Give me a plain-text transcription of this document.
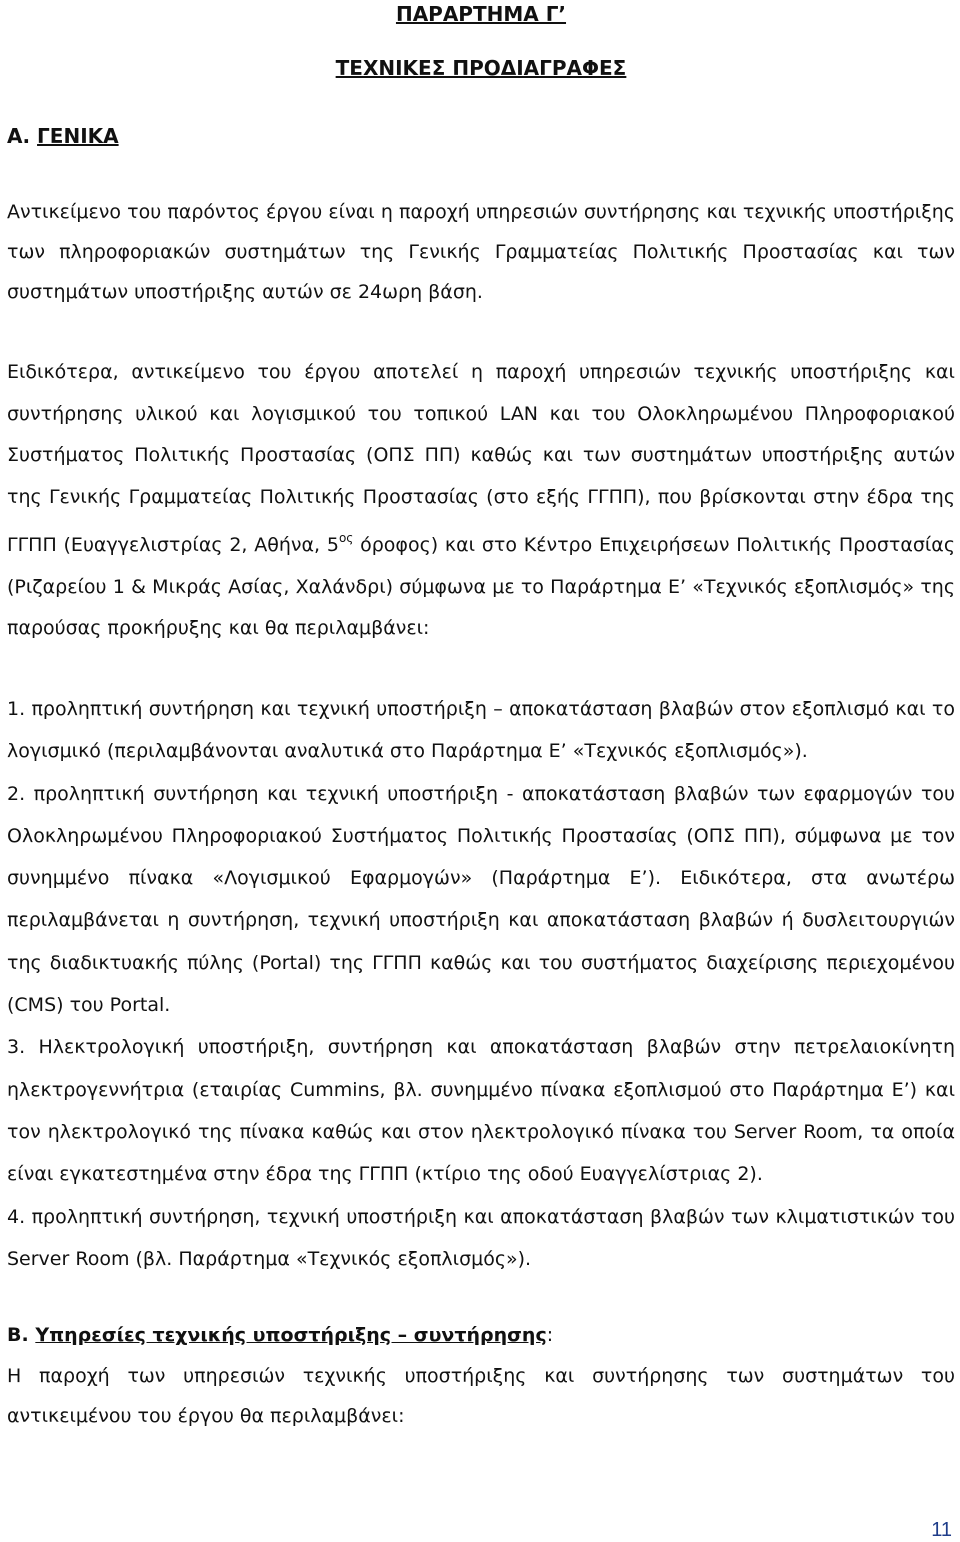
ΠΑΡΑΡΤΗΜΑ Γ’
ΤΕΧΝΙΚΕΣ ΠΡΟΔΙΑΓΡΑΦΕΣ
Α. ΓΕΝΙΚΑ
Αντικείμενο του παρόντος έργου είναι η παροχή υπηρεσιών συντήρησης και τεχνικής υποστήριξης των πληροφοριακών συστημάτων της Γενικής Γραμματείας Πολιτικής Προστασίας και των συστημάτων υποστήριξης αυτών σε 24ωρη βάση.
Ειδικότερα, αντικείμενο του έργου αποτελεί η παροχή υπηρεσιών τεχνικής υποστήριξης και συντήρησης υλικού και λογισμικού του τοπικού LAN και του Ολοκληρωμένου Πληροφοριακού Συστήματος Πολιτικής Προστασίας (ΟΠΣ ΠΠ) καθώς και των συστημάτων υποστήριξης αυτών της Γενικής Γραμματείας Πολιτικής Προστασίας (στο εξής ΓΓΠΠ), που βρίσκονται στην έδρα της ΓΓΠΠ (Ευαγγελιστρίας 2, Αθήνα, $5^{o\varsigma}$ όροφος) και στο Κέντρο Επιχειρήσεων Πολιτικής Προστασίας (Ριζαρείου 1 & Μικράς Ασίας, Χαλάνδρι) σύμφωνα με το Παράρτημα Ε’ «Τεχνικός εξοπλισμός» της παρούσας προκήρυξης και θα περιλαμβάνει:

1. προληπτική συντήρηση και τεχνική υποστήριξη – αποκατάσταση βλαβών στον εξοπλισμό και το λογισμικό (περιλαμβάνονται αναλυτικά στο Παράρτημα Ε’ «Τεχνικός εξοπλισμός»).

2. προληπτική συντήρηση και τεχνική υποστήριξη - αποκατάσταση βλαβών των εφαρμογών του Ολοκληρωμένου Πληροφοριακού Συστήματος Πολιτικής Προστασίας (ΟΠΣ ΠΠ), σύμφωνα με τον συνημμένο πίνακα «Λογισμικού Εφαρμογών» (Παράρτημα Ε’). Ειδικότερα, στα ανωτέρω περιλαμβάνεται η συντήρηση, τεχνική υποστήριξη και αποκατάσταση βλαβών ή δυσλειτουργιών της διαδικτυακής πύλης (Portal) της ΓΓΠΠ καθώς και του συστήματος διαχείρισης περιεχομένου (CMS) του Portal.

3. Ηλεκτρολογική υποστήριξη, συντήρηση και αποκατάσταση βλαβών στην πετρελαιοκίνητη ηλεκτρογεννήτρια (εταιρίας Cummins, βλ. συνημμένο πίνακα εξοπλισμού στο Παράρτημα Ε’) και τον ηλεκτρολογικό της πίνακα καθώς και στον ηλεκτρολογικό πίνακα του Server Room, τα οποία είναι εγκατεστημένα στην έδρα της ΓΓΠΠ (κτίριο της οδού Ευαγγελίστριας 2).

4. προληπτική συντήρηση, τεχνική υποστήριξη και αποκατάσταση βλαβών των κλιματιστικών του Server Room (βλ. Παράρτημα «Τεχνικός εξοπλισμός»).

Β. Υπηρεσίες τεχνικής υποστήριξης – συντήρησης:
Η παροχή των υπηρεσιών τεχνικής υποστήριξης και συντήρησης των συστημάτων του αντικειμένου του έργου θα περιλαμβάνει:
11
